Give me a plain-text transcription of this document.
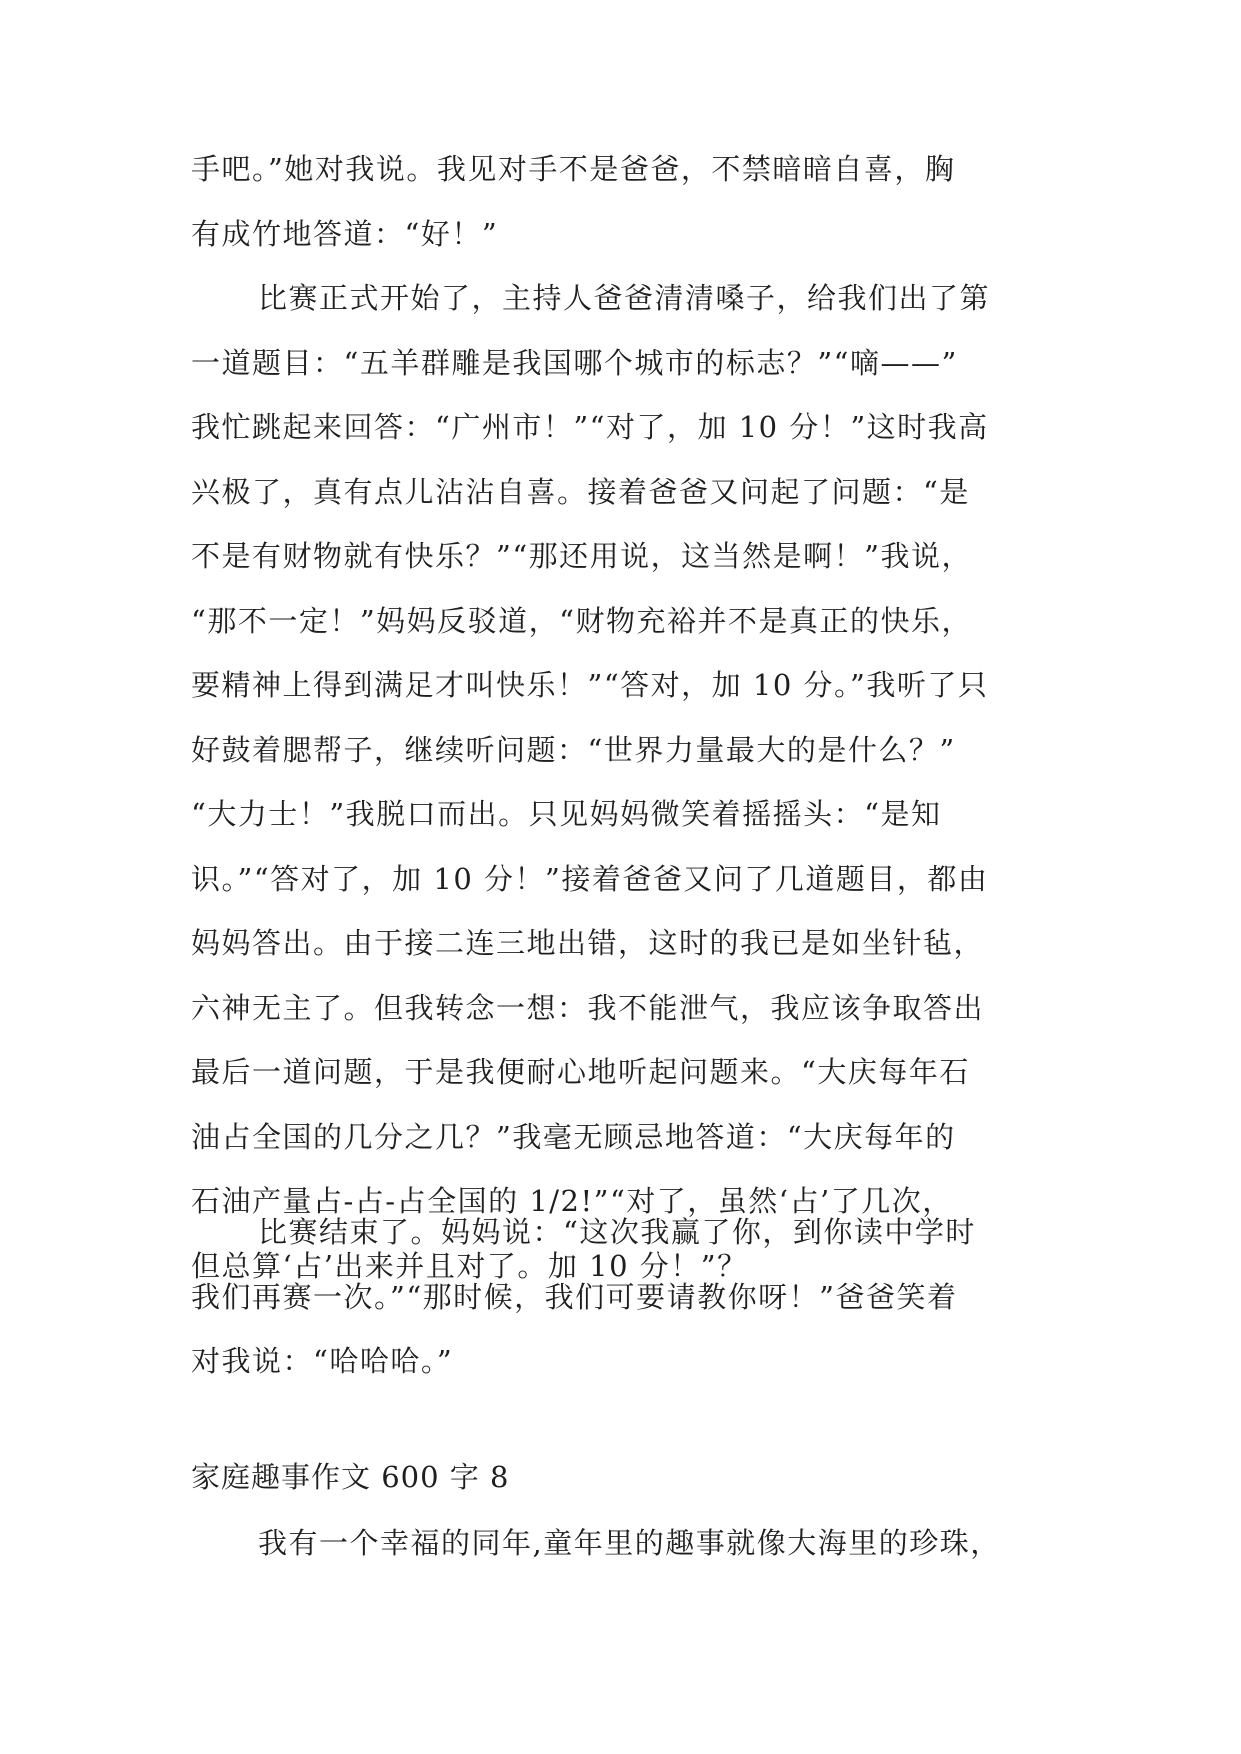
手吧。”她对我说。我见对手不是爸爸，不禁暗暗自喜，胸
有成竹地答道：“好！”
比赛正式开始了，主持人爸爸清清嗓子，给我们出了第
一道题目：“五羊群雕是我国哪个城市的标志？”“嘀——”
我忙跳起来回答：“广州市！”“对了，加 10 分！”这时我高
兴极了，真有点儿沾沾自喜。接着爸爸又问起了问题：“是
不是有财物就有快乐？”“那还用说，这当然是啊！”我说，
“那不一定！”妈妈反驳道，“财物充裕并不是真正的快乐，
要精神上得到满足才叫快乐！”“答对，加 10 分。”我听了只
好鼓着腮帮子，继续听问题：“世界力量最大的是什么？”
“大力士！”我脱口而出。只见妈妈微笑着摇摇头：“是知
识。”“答对了，加 10 分！”接着爸爸又问了几道题目，都由
妈妈答出。由于接二连三地出错，这时的我已是如坐针毡，
六神无主了。但我转念一想：我不能泄气，我应该争取答出
最后一道问题，于是我便耐心地听起问题来。“大庆每年石
油占全国的几分之几？”我毫无顾忌地答道：“大庆每年的
石油产量占-占-占全国的 1/2!”“对了，虽然‘占’了几次，
但总算‘占’出来并且对了。加 10 分！”？
比赛结束了。妈妈说：“这次我赢了你，到你读中学时
我们再赛一次。”“那时候，我们可要请教你呀！”爸爸笑着
对我说：“哈哈哈。”
家庭趣事作文 600 字 8
我有一个幸福的同年,童年里的趣事就像大海里的珍珠，
